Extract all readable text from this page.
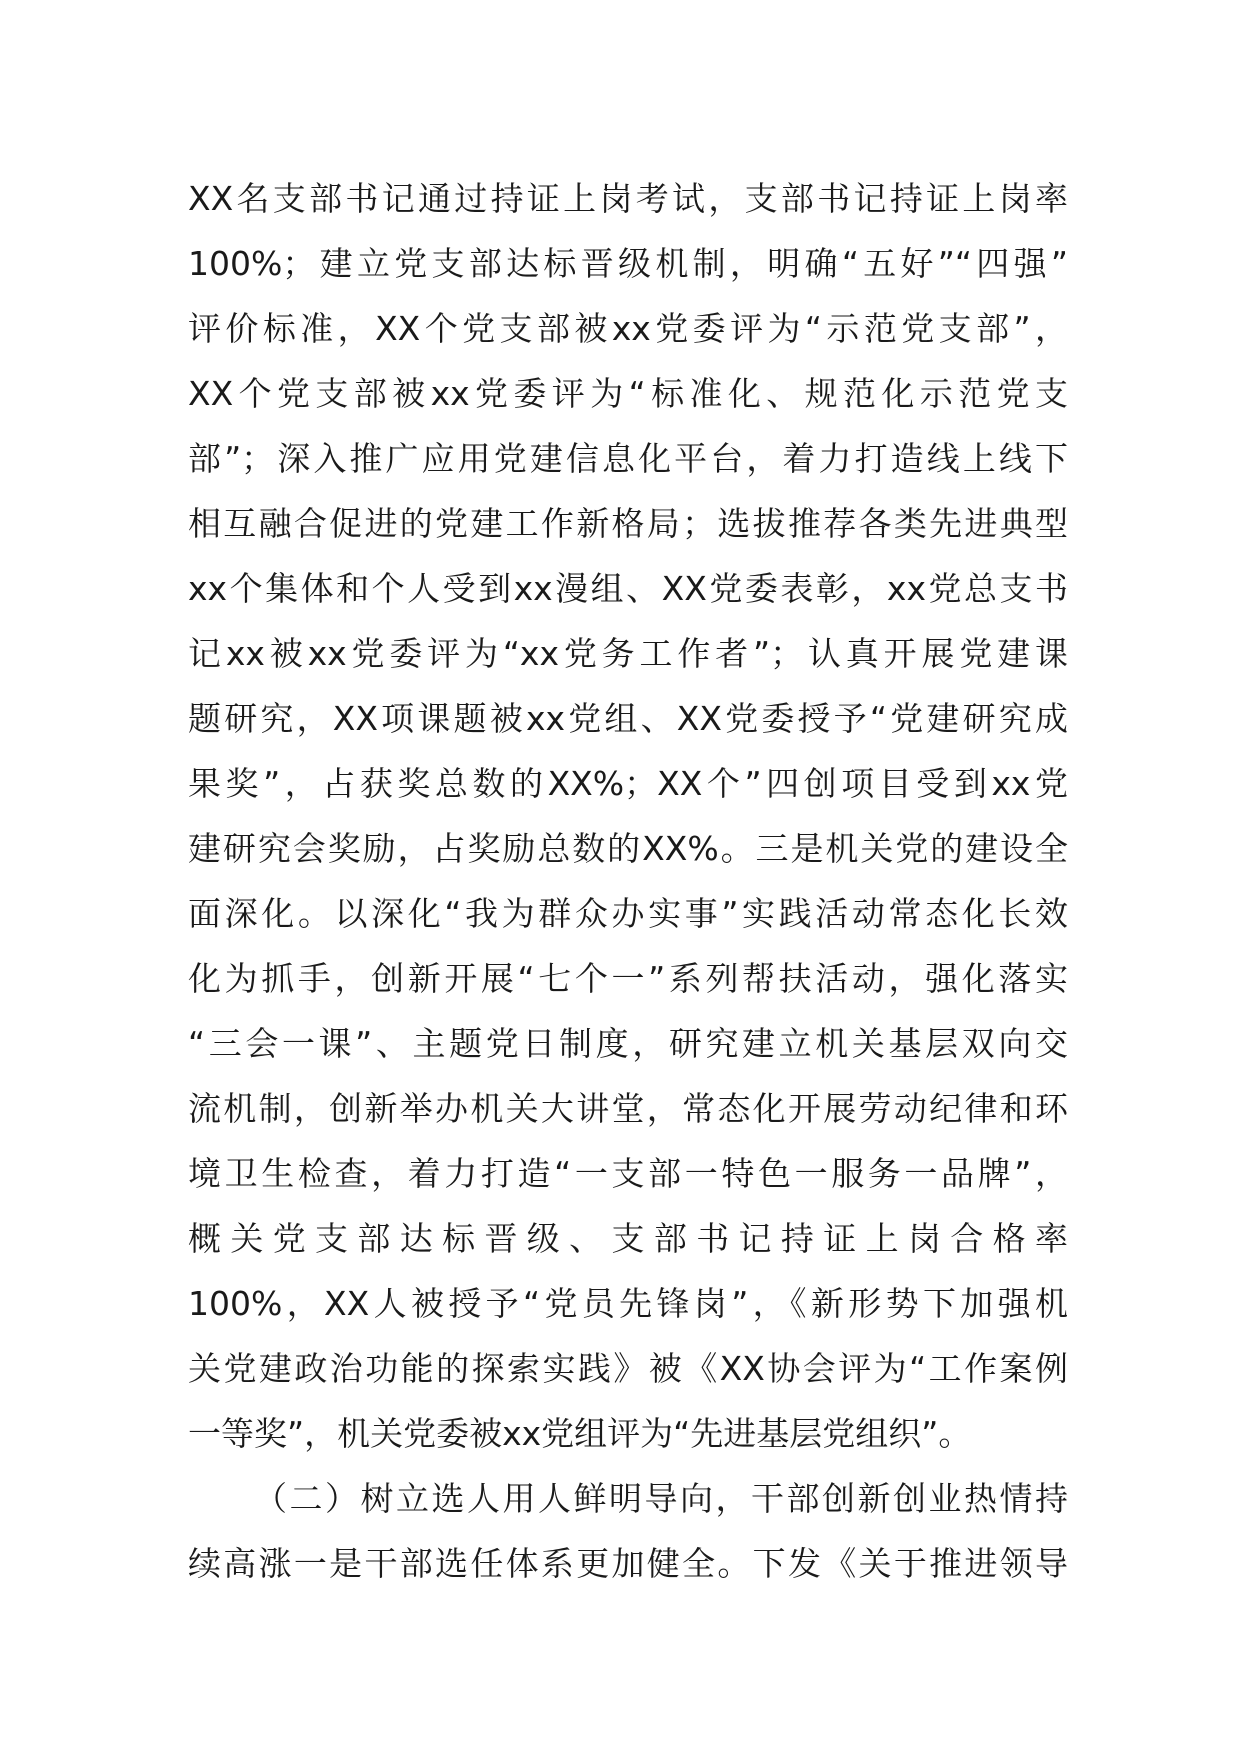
XX名支部书记通过持证上岗考试，支部书记持证上岗率
100%；建立党支部达标晋级机制，明确“五好”“四强”
评价标准，XX个党支部被xx党委评为“示范党支部”，
XX个党支部被xx党委评为“标准化、规范化示范党支
部”；深入推广应用党建信息化平台，着力打造线上线下
相互融合促进的党建工作新格局；选拔推荐各类先进典型
xx个集体和个人受到xx漫组、XX党委表彰，xx党总支书
记xx被xx党委评为“xx党务工作者”；认真开展党建课
题研究，XX项课题被xx党组、XX党委授予“党建研究成
果奖”，占获奖总数的XX%；XX个”四创项目受到xx党
建研究会奖励，占奖励总数的XX%。三是机关党的建设全
面深化。以深化“我为群众办实事”实践活动常态化长效
化为抓手，创新开展“七个一”系列帮扶活动，强化落实
“三会一课”、主题党日制度，研究建立机关基层双向交
流机制，创新举办机关大讲堂，常态化开展劳动纪律和环
境卫生检查，着力打造“一支部一特色一服务一品牌”，
概关党支部达标晋级、支部书记持证上岗合格率
100%，XX人被授予“党员先锋岗”，《新形势下加强机
关党建政治功能的探索实践》被《XX协会评为“工作案例
一等奖”，机关党委被xx党组评为“先进基层党组织”。
（二）树立选人用人鲜明导向，干部创新创业热情持
续高涨一是干部选任体系更加健全。下发《关于推进领导
